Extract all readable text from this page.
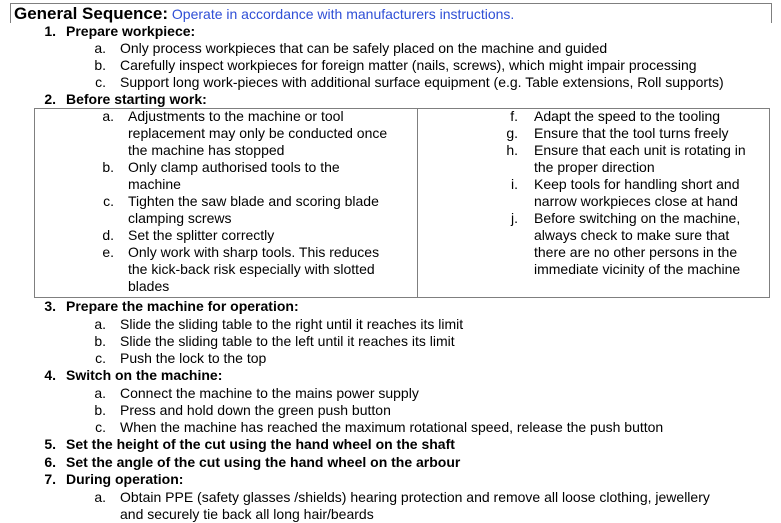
General Sequence: Operate in accordance with manufacturers instructions.
1. Prepare workpiece:
a. Only process workpieces that can be safely placed on the machine and guided
b. Carefully inspect workpieces for foreign matter (nails, screws), which might impair processing
c. Support long work-pieces with additional surface equipment (e.g. Table extensions, Roll supports)
2. Before starting work:
a. Adjustments to the machine or tool
replacement may only be conducted once
the machine has stopped
b. Only clamp authorised tools to the
machine
c. Tighten the saw blade and scoring blade
clamping screws
d. Set the splitter correctly
e. Only work with sharp tools. This reduces
the kick-back risk especially with slotted
blades
f. Adapt the speed to the tooling
g. Ensure that the tool turns freely
h. Ensure that each unit is rotating in
the proper direction
i. Keep tools for handling short and
narrow workpieces close at hand
j. Before switching on the machine,
always check to make sure that
there are no other persons in the
immediate vicinity of the machine
3. Prepare the machine for operation:
a. Slide the sliding table to the right until it reaches its limit
b. Slide the sliding table to the left until it reaches its limit
c. Push the lock to the top
4. Switch on the machine:
a. Connect the machine to the mains power supply
b. Press and hold down the green push button
c. When the machine has reached the maximum rotational speed, release the push button
5. Set the height of the cut using the hand wheel on the shaft
6. Set the angle of the cut using the hand wheel on the arbour
7. During operation:
a. Obtain PPE (safety glasses /shields) hearing protection and remove all loose clothing, jewellery
and securely tie back all long hair/beards
